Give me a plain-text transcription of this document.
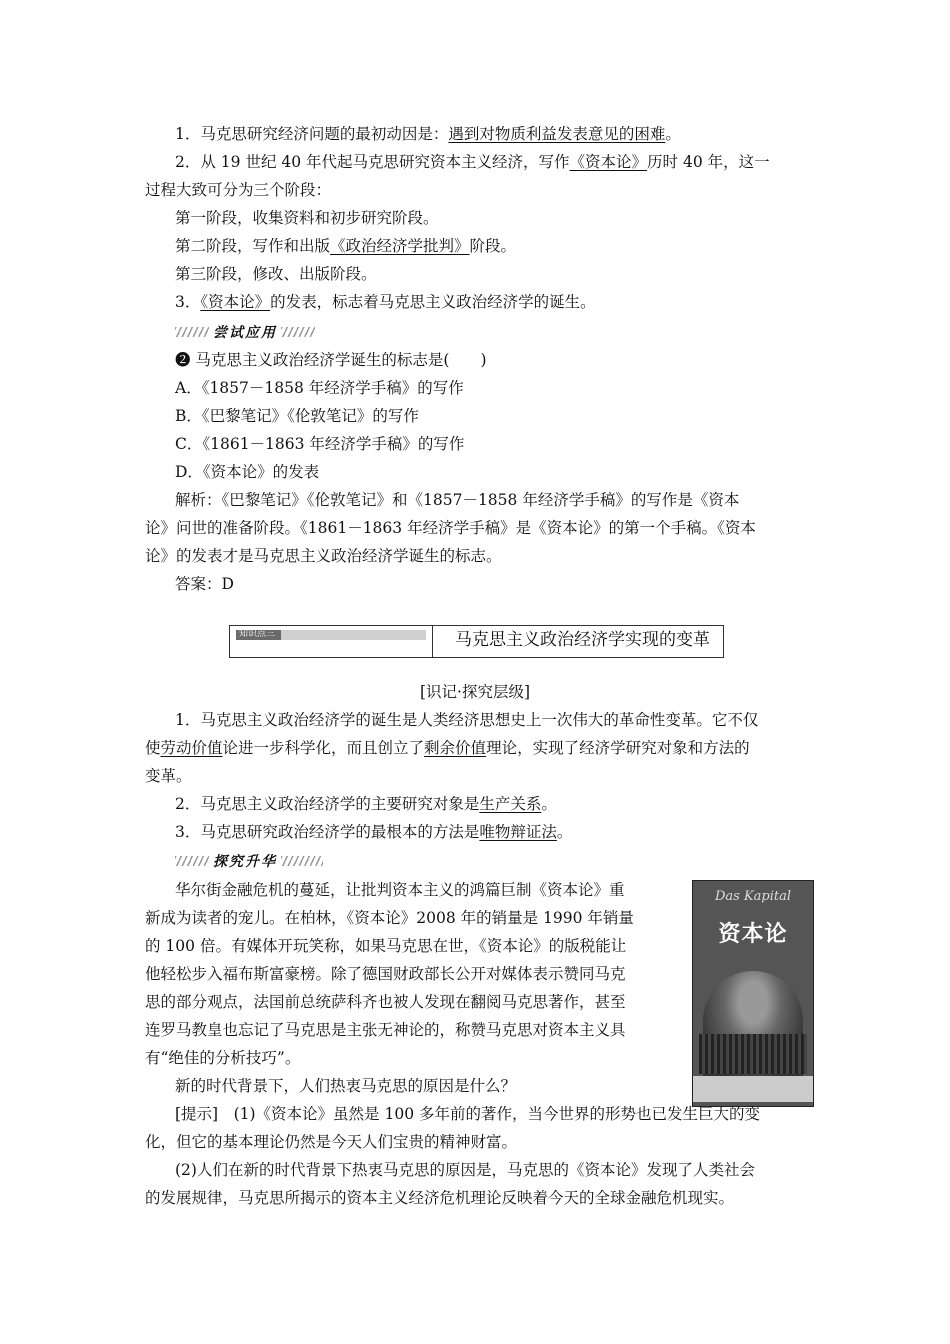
1．马克思研究经济问题的最初动因是：遇到对物质利益发表意见的困难。
2．从 19 世纪 40 年代起马克思研究资本主义经济，写作《资本论》历时 40 年，这一
过程大致可分为三个阶段：
第一阶段，收集资料和初步研究阶段。
第二阶段，写作和出版《政治经济学批判》阶段。
第三阶段，修改、出版阶段。
3．《资本论》的发表，标志着马克思主义政治经济学的诞生。
尝试应用
❷ 马克思主义政治经济学诞生的标志是(　　)
A．《1857－1858 年经济学手稿》的写作
B．《巴黎笔记》《伦敦笔记》的写作
C．《1861－1863 年经济学手稿》的写作
D．《资本论》的发表
解析：《巴黎笔记》《伦敦笔记》和《1857－1858 年经济学手稿》的写作是《资本
论》问世的准备阶段。《1861－1863 年经济学手稿》是《资本论》的第一个手稿。《资本
论》的发表才是马克思主义政治经济学诞生的标志。
答案：D
知识点三	马克思主义政治经济学实现的变革
[识记·探究层级]
1．马克思主义政治经济学的诞生是人类经济思想史上一次伟大的革命性变革。它不仅
使劳动价值论进一步科学化，而且创立了剩余价值理论，实现了经济学研究对象和方法的
变革。
2．马克思主义政治经济学的主要研究对象是生产关系。
3．马克思研究政治经济学的最根本的方法是唯物辩证法。
探究升华
华尔街金融危机的蔓延，让批判资本主义的鸿篇巨制《资本论》重
新成为读者的宠儿。在柏林，《资本论》2008 年的销量是 1990 年销量
的 100 倍。有媒体开玩笑称，如果马克思在世，《资本论》的版税能让
他轻松步入福布斯富豪榜。除了德国财政部长公开对媒体表示赞同马克
思的部分观点，法国前总统萨科齐也被人发现在翻阅马克思著作，甚至
连罗马教皇也忘记了马克思是主张无神论的，称赞马克思对资本主义具
有“绝佳的分析技巧”。
Das Kapital
资本论
新的时代背景下，人们热衷马克思的原因是什么？
[提示]　(1)《资本论》虽然是 100 多年前的著作，当今世界的形势也已发生巨大的变
化，但它的基本理论仍然是今天人们宝贵的精神财富。
(2)人们在新的时代背景下热衷马克思的原因是，马克思的《资本论》发现了人类社会
的发展规律，马克思所揭示的资本主义经济危机理论反映着今天的全球金融危机现实。
